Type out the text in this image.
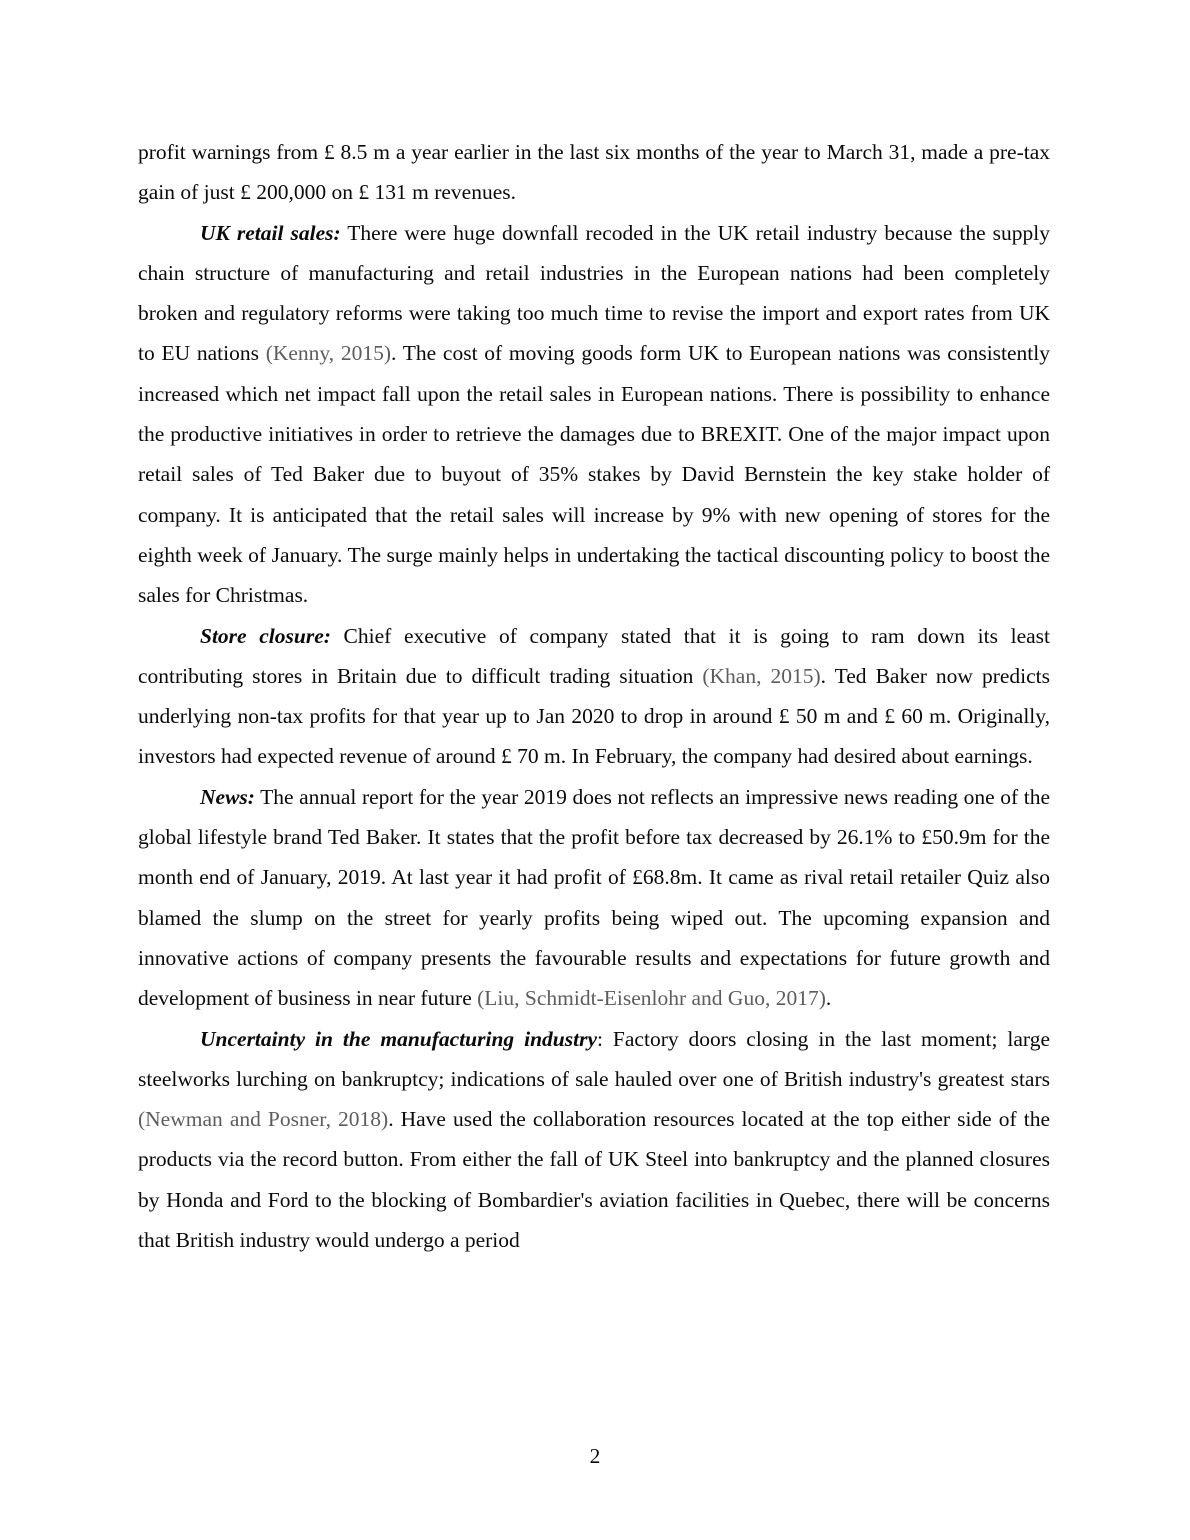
profit warnings from £ 8.5 m a year earlier in the last six months of the year to March 31, made a pre-tax gain of just £ 200,000 on £ 131 m revenues.

UK retail sales: There were huge downfall recoded in the UK retail industry because the supply chain structure of manufacturing and retail industries in the European nations had been completely broken and regulatory reforms were taking too much time to revise the import and export rates from UK to EU nations (Kenny, 2015). The cost of moving goods form UK to European nations was consistently increased which net impact fall upon the retail sales in European nations. There is possibility to enhance the productive initiatives in order to retrieve the damages due to BREXIT. One of the major impact upon retail sales of Ted Baker due to buyout of 35% stakes by David Bernstein the key stake holder of company. It is anticipated that the retail sales will increase by 9% with new opening of stores for the eighth week of January. The surge mainly helps in undertaking the tactical discounting policy to boost the sales for Christmas.

Store closure: Chief executive of company stated that it is going to ram down its least contributing stores in Britain due to difficult trading situation (Khan, 2015). Ted Baker now predicts underlying non-tax profits for that year up to Jan 2020 to drop in around £ 50 m and £ 60 m. Originally, investors had expected revenue of around £ 70 m. In February, the company had desired about earnings.

News: The annual report for the year 2019 does not reflects an impressive news reading one of the global lifestyle brand Ted Baker. It states that the profit before tax decreased by 26.1% to £50.9m for the month end of January, 2019. At last year it had profit of £68.8m. It came as rival retail retailer Quiz also blamed the slump on the street for yearly profits being wiped out. The upcoming expansion and innovative actions of company presents the favourable results and expectations for future growth and development of business in near future (Liu, Schmidt-Eisenlohr and Guo, 2017).

Uncertainty in the manufacturing industry: Factory doors closing in the last moment; large steelworks lurching on bankruptcy; indications of sale hauled over one of British industry's greatest stars (Newman and Posner, 2018). Have used the collaboration resources located at the top either side of the products via the record button. From either the fall of UK Steel into bankruptcy and the planned closures by Honda and Ford to the blocking of Bombardier's aviation facilities in Quebec, there will be concerns that British industry would undergo a period

2
